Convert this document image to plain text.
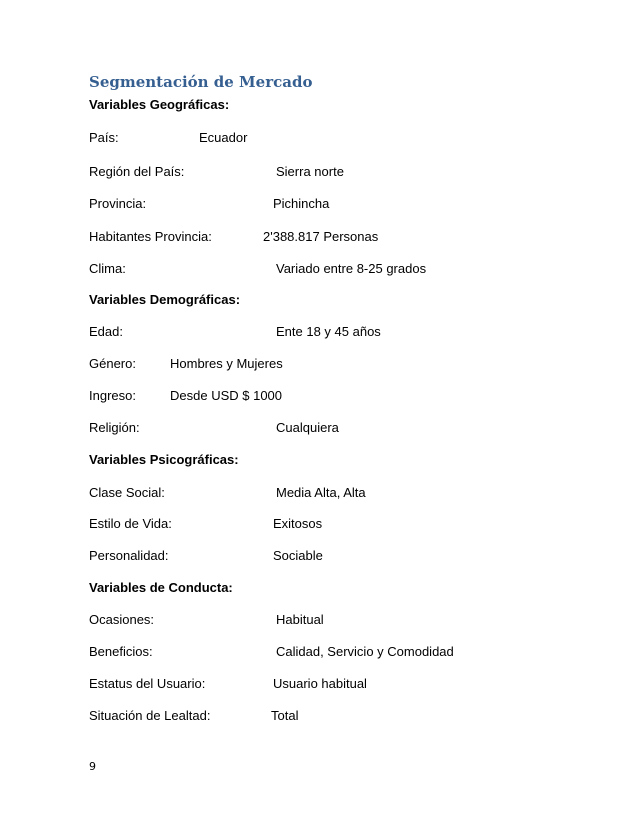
Segmentación de Mercado
Variables Geográficas:
País:	Ecuador
Región del País:	Sierra norte
Provincia:	Pichincha
Habitantes Provincia:	2'388.817 Personas
Clima:	Variado entre 8-25 grados
Variables Demográficas:
Edad:	Ente 18 y 45 años
Género:	Hombres y Mujeres
Ingreso:	Desde USD $ 1000
Religión:	Cualquiera
Variables Psicográficas:
Clase Social:	Media Alta, Alta
Estilo de Vida:	Exitosos
Personalidad:	Sociable
Variables de Conducta:
Ocasiones:	Habitual
Beneficios:	Calidad, Servicio y Comodidad
Estatus del Usuario:	Usuario habitual
Situación de Lealtad:	Total
9
